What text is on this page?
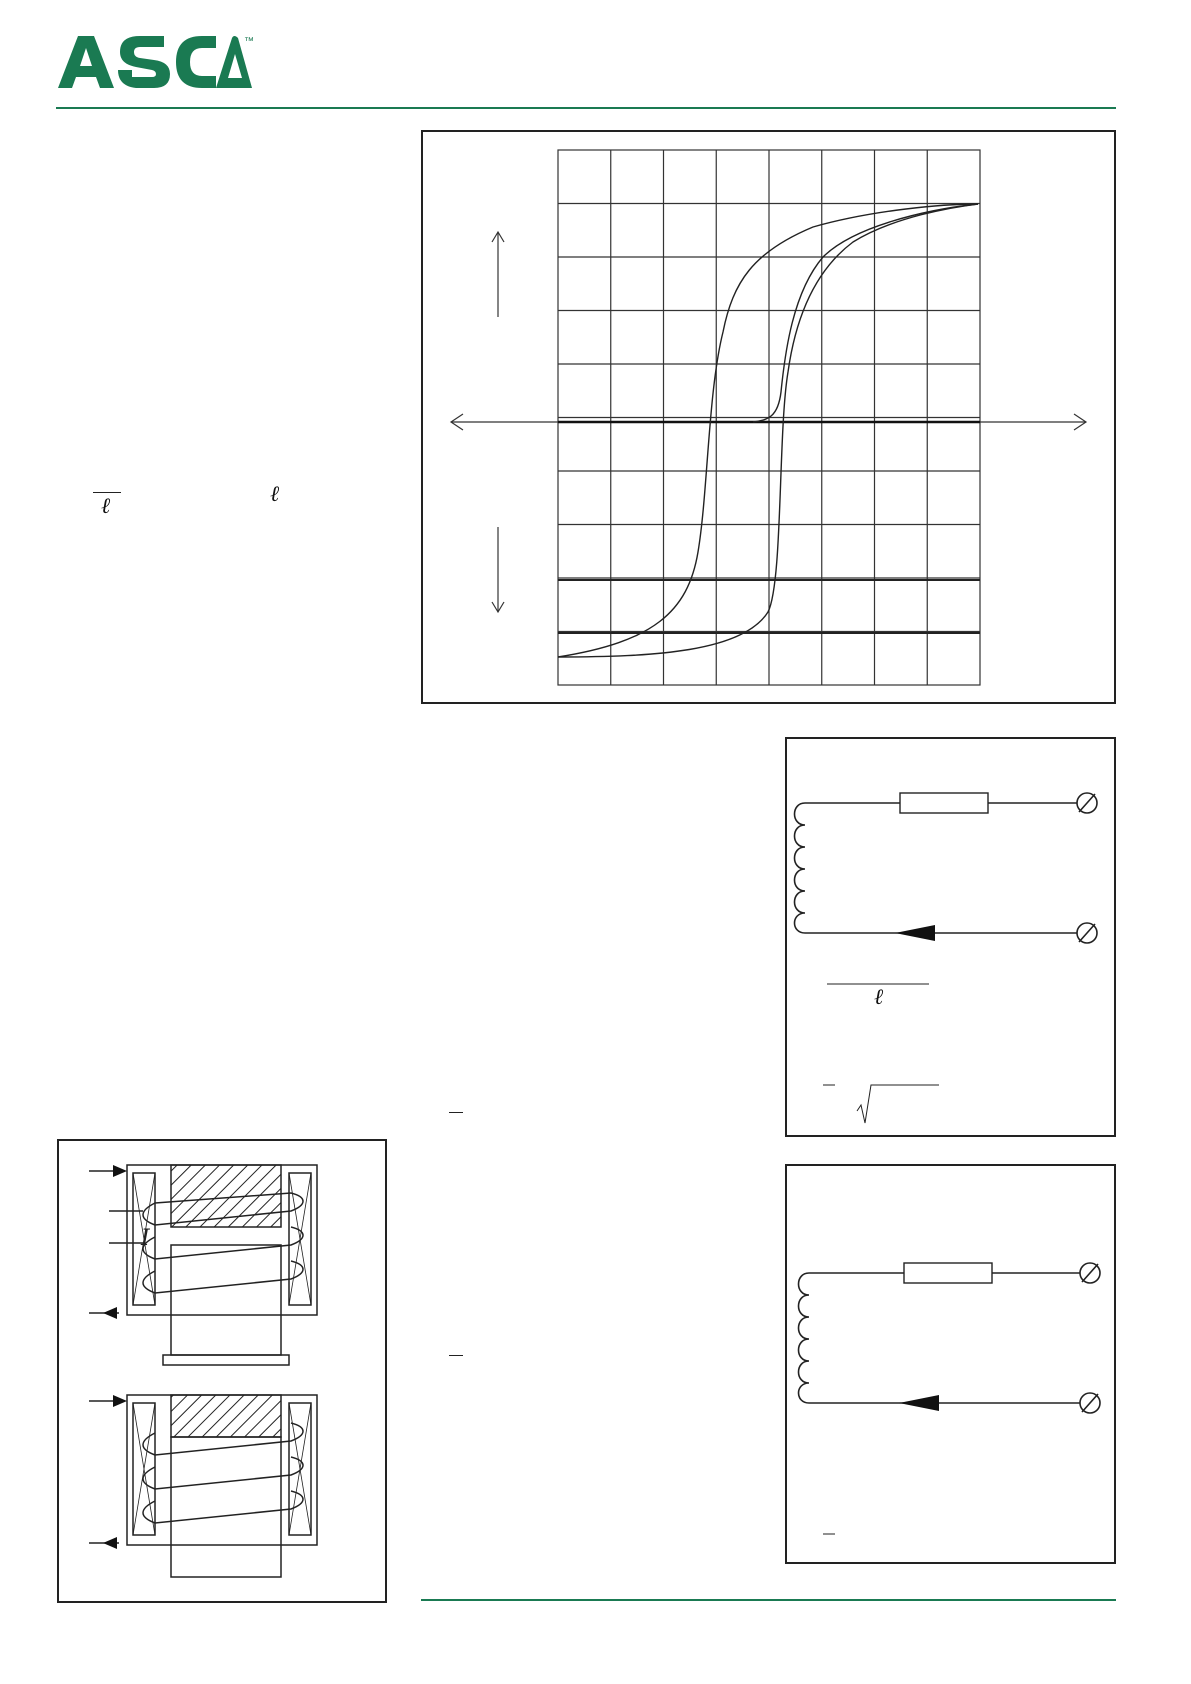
™
ℓ	ℓ
ℓ
I
